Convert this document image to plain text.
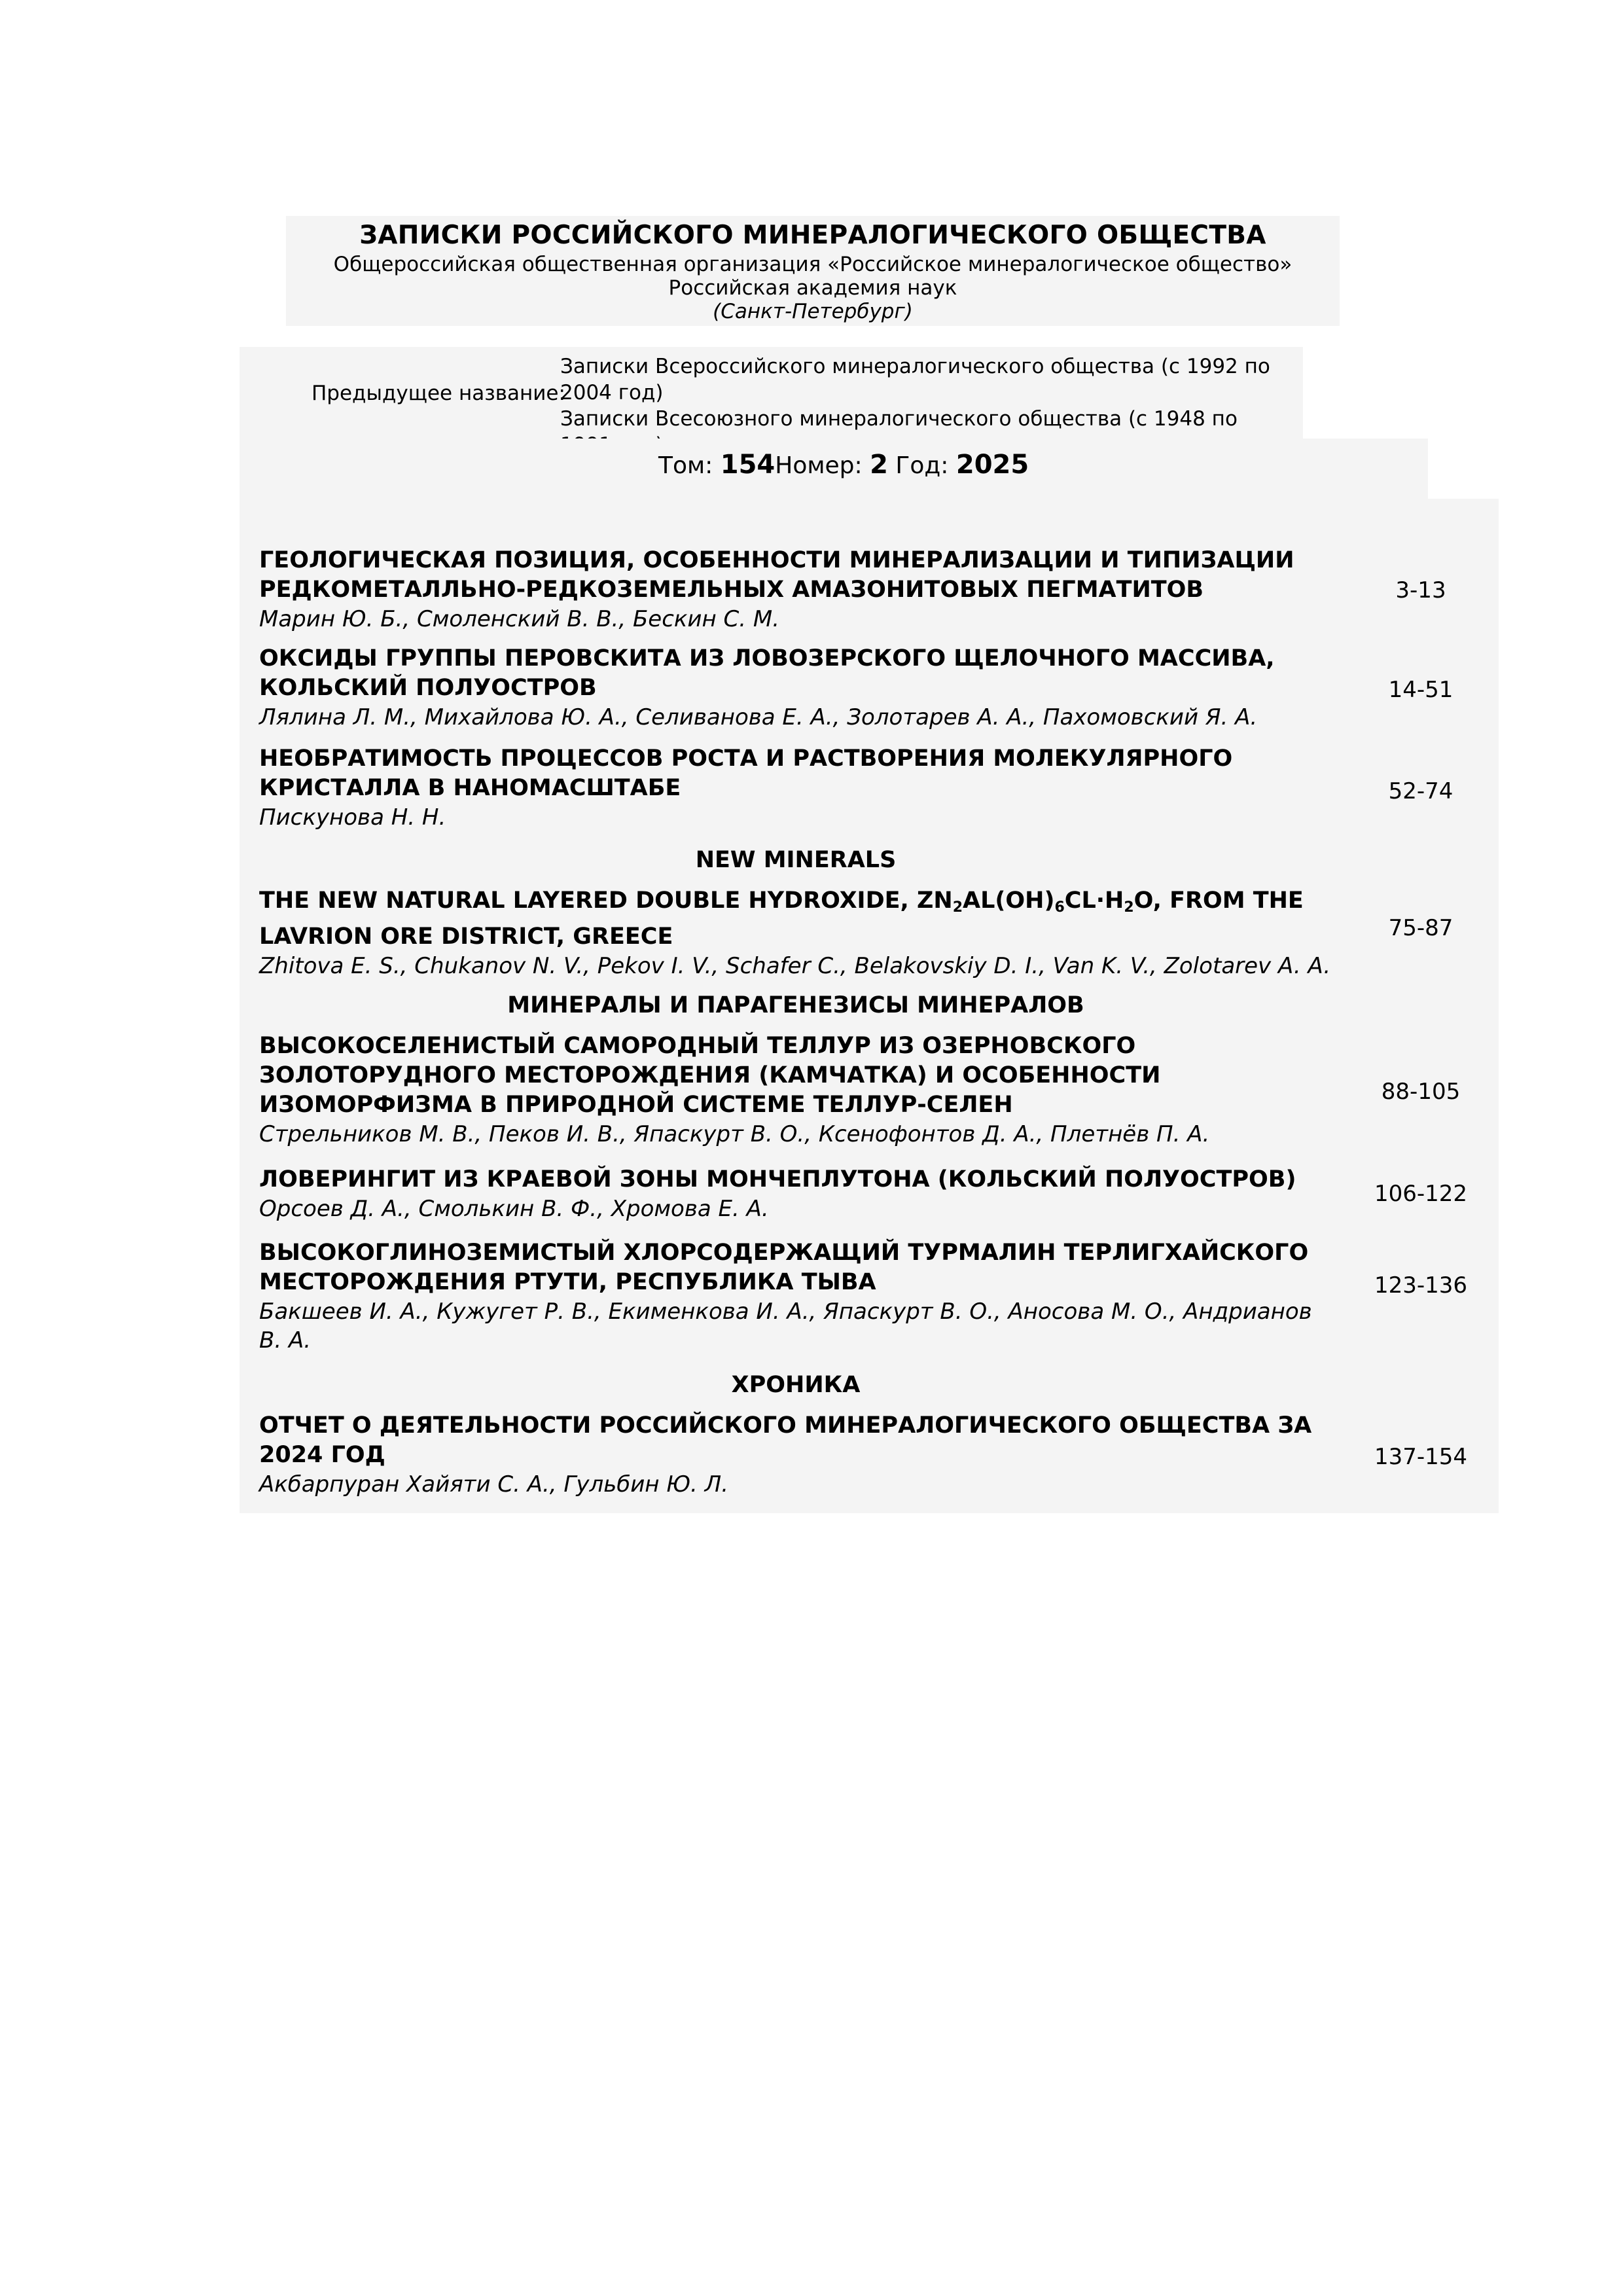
ЗАПИСКИ РОССИЙСКОГО МИНЕРАЛОГИЧЕСКОГО ОБЩЕСТВА
Общероссийская общественная организация «Российское минералогическое общество»
Российская академия наук
(Санкт-Петербург)
Предыдущее название:
Записки Всероссийского минералогического общества (с 1992 по 2004 год)
Записки Всесоюзного минералогического общества (с 1948 по
Том: 154Номер: 2 Год: 2025
ГЕОЛОГИЧЕСКАЯ ПОЗИЦИЯ, ОСОБЕННОСТИ МИНЕРАЛИЗАЦИИ И ТИПИЗАЦИИ РЕДКОМЕТАЛЛЬНО-РЕДКОЗЕМЕЛЬНЫХ АМАЗОНИТОВЫХ ПЕГМАТИТОВ
Марин Ю. Б., Смоленский В. В., Бескин С. М.
3-13
ОКСИДЫ ГРУППЫ ПЕРОВСКИТА ИЗ ЛОВОЗЕРСКОГО ЩЕЛОЧНОГО МАССИВА, КОЛЬСКИЙ ПОЛУОСТРОВ
Лялина Л. М., Михайлова Ю. А., Селиванова Е. А., Золотарев А. А., Пахомовский Я. А.
14-51
НЕОБРАТИМОСТЬ ПРОЦЕССОВ РОСТА И РАСТВОРЕНИЯ МОЛЕКУЛЯРНОГО КРИСТАЛЛА В НАНОМАСШТАБЕ
Пискунова Н. Н.
52-74
NEW MINERALS
THE NEW NATURAL LAYERED DOUBLE HYDROXIDE, $ZN_2AL(OH)_6CL\cdot H_2O$, FROM THE LAVRION ORE DISTRICT, GREECE
Zhitova E. S., Chukanov N. V., Pekov I. V., Schafer C., Belakovskiy D. I., Van K. V., Zolotarev A. A.
75-87
МИНЕРАЛЫ И ПАРАГЕНЕЗИСЫ МИНЕРАЛОВ
ВЫСОКОСЕЛЕНИСТЫЙ САМОРОДНЫЙ ТЕЛЛУР ИЗ ОЗЕРНОВСКОГО ЗОЛОТОРУДНОГО МЕСТОРОЖДЕНИЯ (КАМЧАТКА) И ОСОБЕННОСТИ ИЗОМОРФИЗМА В ПРИРОДНОЙ СИСТЕМЕ ТЕЛЛУР-СЕЛЕН
Стрельников М. В., Пеков И. В., Япаскурт В. О., Ксенофонтов Д. А., Плетнёв П. А.
88-105
ЛОВЕРИНГИТ ИЗ КРАЕВОЙ ЗОНЫ МОНЧЕПЛУТОНА (КОЛЬСКИЙ ПОЛУОСТРОВ)
Орсоев Д. А., Смолькин В. Ф., Хромова Е. А.
106-122
ВЫСОКОГЛИНОЗЕМИСТЫЙ ХЛОРСОДЕРЖАЩИЙ ТУРМАЛИН ТЕРЛИГХАЙСКОГО МЕСТОРОЖДЕНИЯ РТУТИ, РЕСПУБЛИКА ТЫВА
Бакшеев И. А., Кужугет Р. В., Екименкова И. А., Япаскурт В. О., Аносова М. О., Андрианов В. А.
123-136
ХРОНИКА
ОТЧЕТ О ДЕЯТЕЛЬНОСТИ РОССИЙСКОГО МИНЕРАЛОГИЧЕСКОГО ОБЩЕСТВА ЗА 2024 ГОД
Акбарпуран Хайяти С. А., Гульбин Ю. Л.
137-154
